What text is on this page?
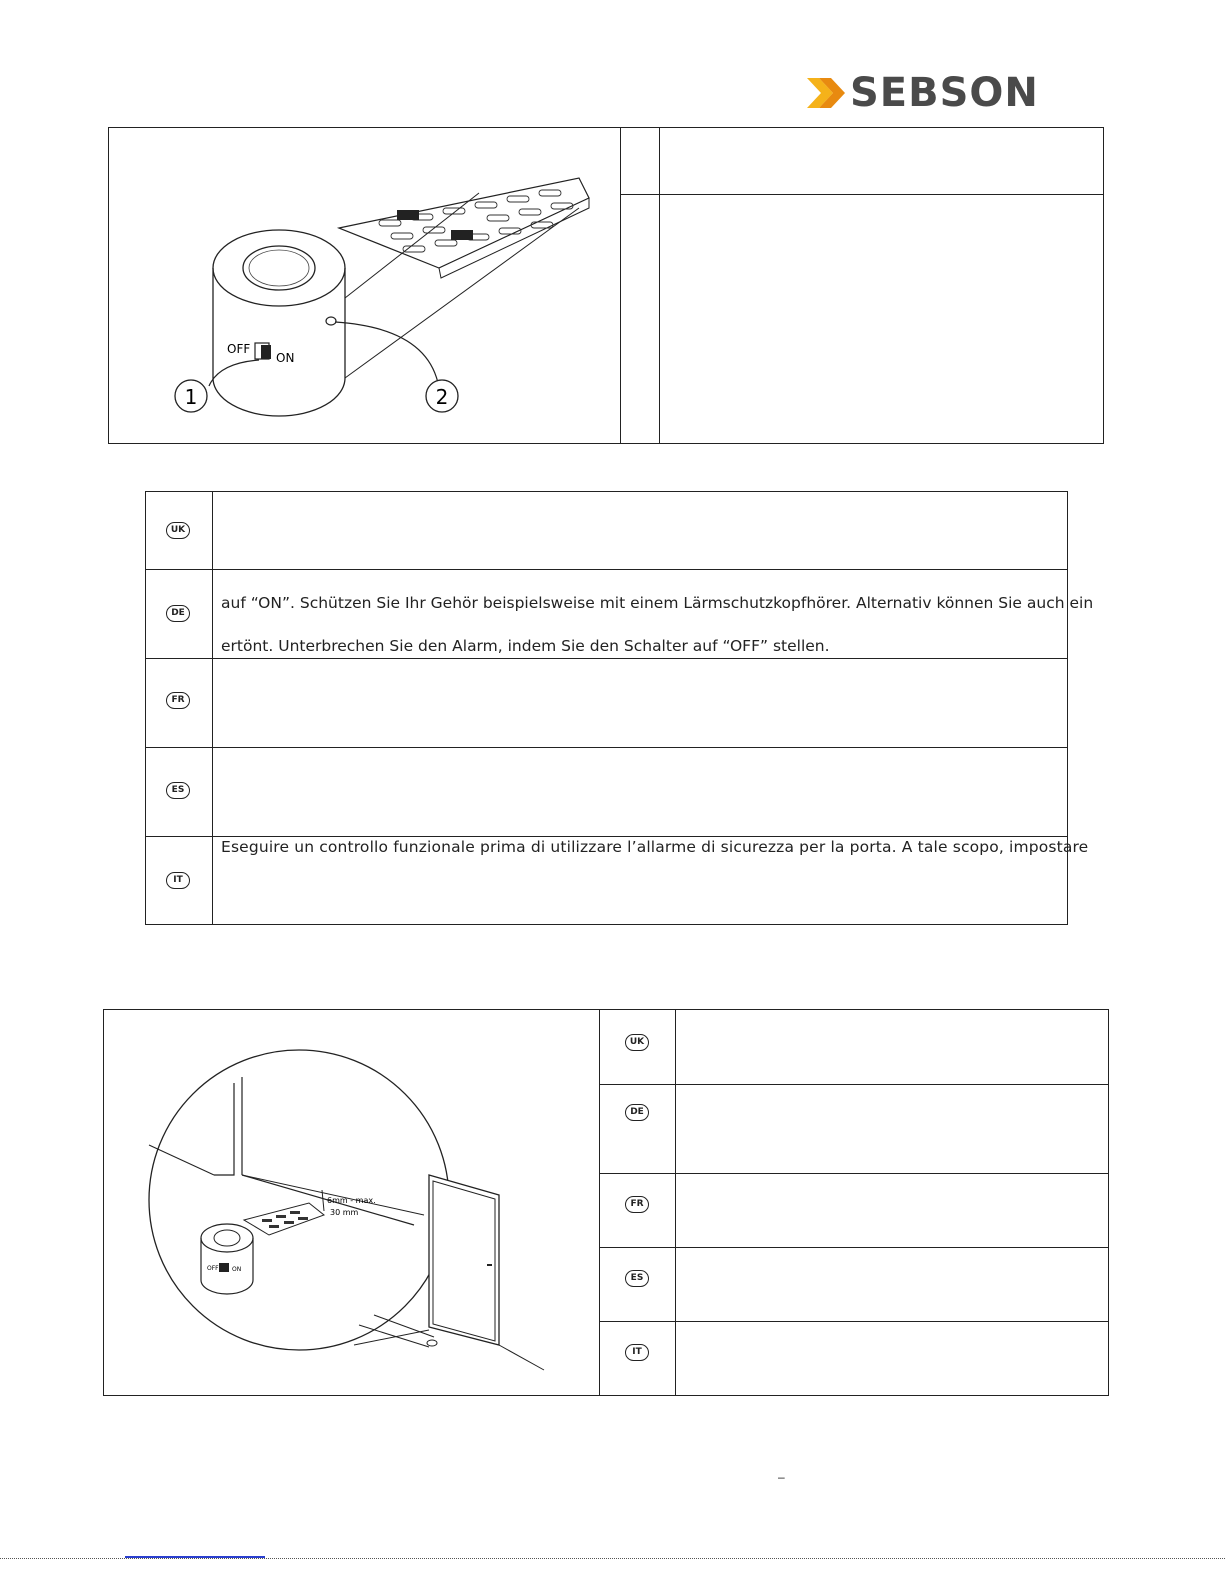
SEBSON
OFF
ON
1	2
UK
DE
FR
ES
IT
auf “ON”. Schützen Sie Ihr Gehör beispielsweise mit einem Lärmschutzkopfhörer. Alternativ können Sie auch ein
ertönt. Unterbrechen Sie den Alarm, indem Sie den Schalter auf “OFF” stellen.
Eseguire un controllo funzionale prima di utilizzare l’allarme di sicurezza per la porta. A tale scopo, impostare
UK
DE
FR
ES
IT
6mm - max.
30 mm
OFF ON
–
